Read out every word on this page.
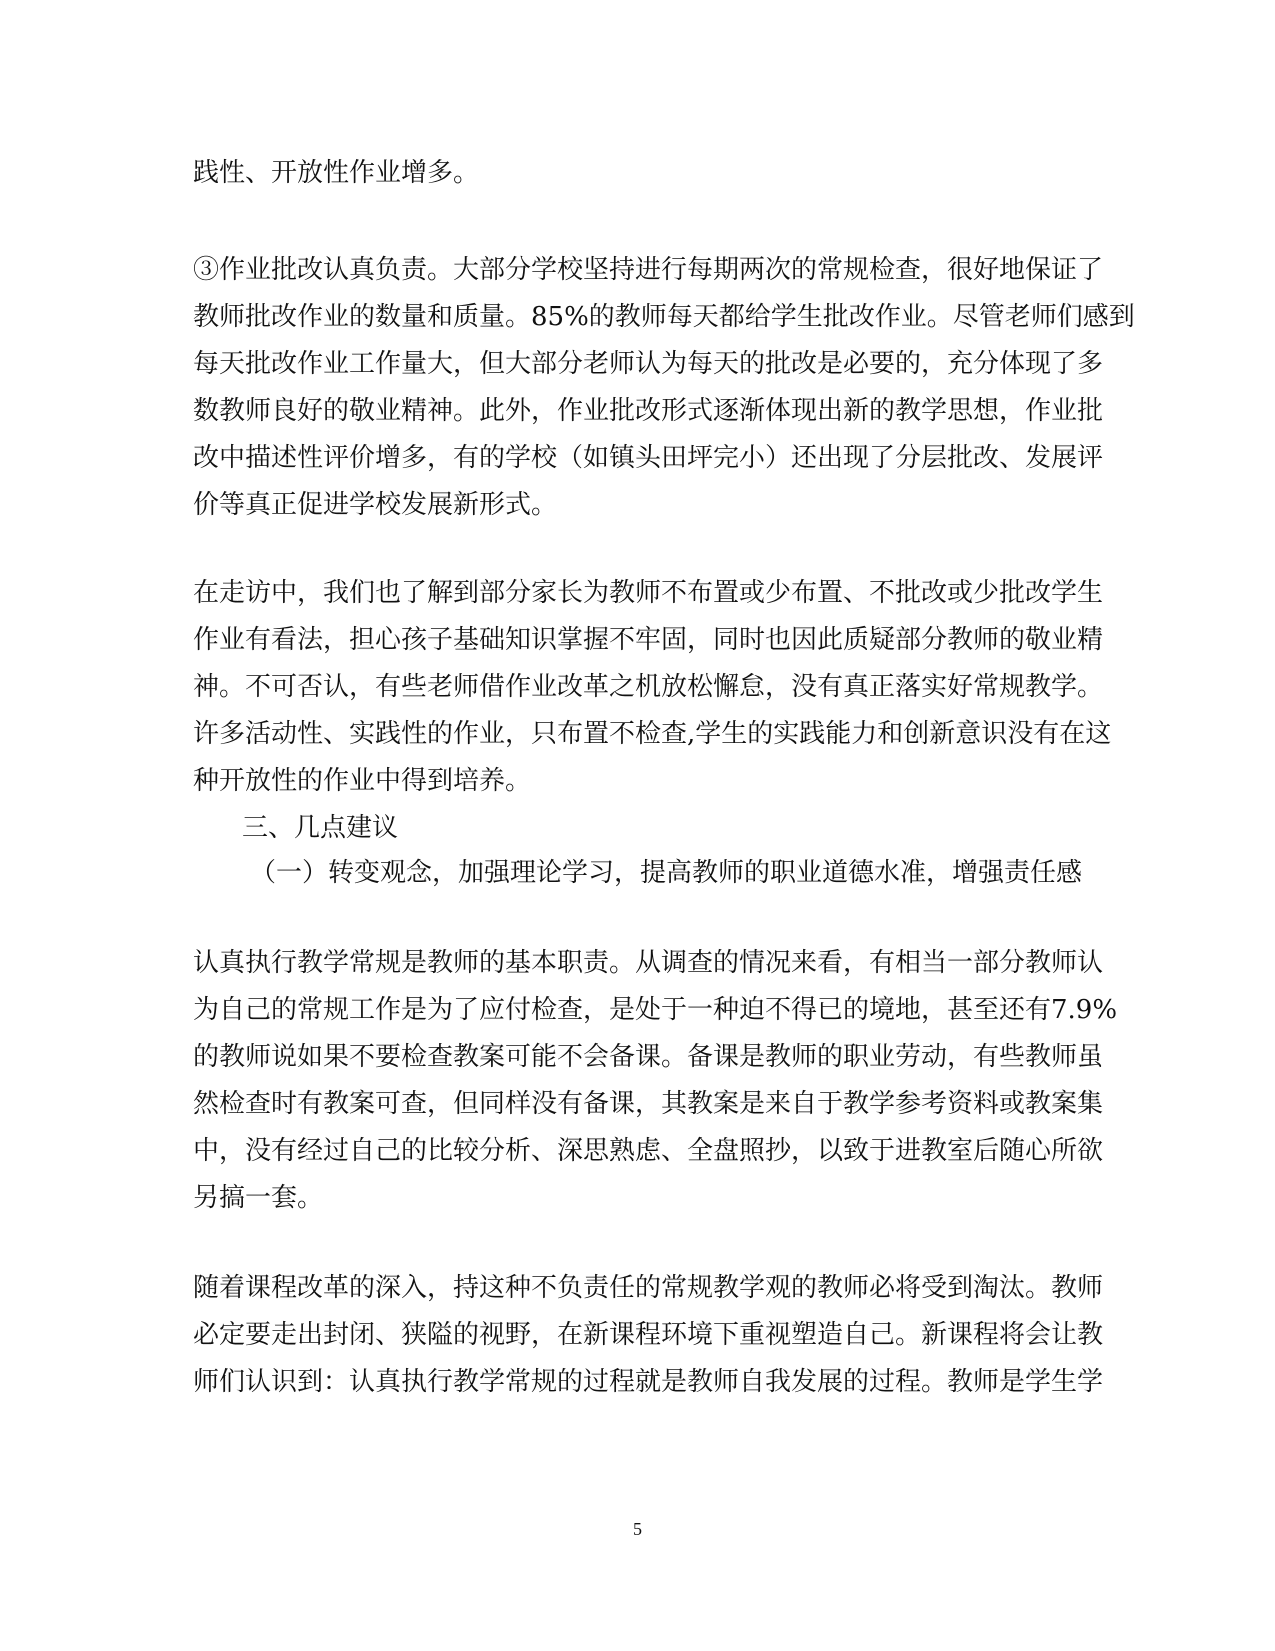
践性、开放性作业增多。
③作业批改认真负责。大部分学校坚持进行每期两次的常规检查，很好地保证了
教师批改作业的数量和质量。85%的教师每天都给学生批改作业。尽管老师们感到
每天批改作业工作量大，但大部分老师认为每天的批改是必要的，充分体现了多
数教师良好的敬业精神。此外，作业批改形式逐渐体现出新的教学思想，作业批
改中描述性评价增多，有的学校（如镇头田坪完小）还出现了分层批改、发展评
价等真正促进学校发展新形式。
在走访中，我们也了解到部分家长为教师不布置或少布置、不批改或少批改学生
作业有看法，担心孩子基础知识掌握不牢固，同时也因此质疑部分教师的敬业精
神。不可否认，有些老师借作业改革之机放松懈怠，没有真正落实好常规教学。
许多活动性、实践性的作业，只布置不检查,学生的实践能力和创新意识没有在这
种开放性的作业中得到培养。
三、几点建议
（一）转变观念，加强理论学习，提高教师的职业道德水准，增强责任感
认真执行教学常规是教师的基本职责。从调查的情况来看，有相当一部分教师认
为自己的常规工作是为了应付检查，是处于一种迫不得已的境地，甚至还有7.9%
的教师说如果不要检查教案可能不会备课。备课是教师的职业劳动，有些教师虽
然检查时有教案可查，但同样没有备课，其教案是来自于教学参考资料或教案集
中，没有经过自己的比较分析、深思熟虑、全盘照抄，以致于进教室后随心所欲
另搞一套。
随着课程改革的深入，持这种不负责任的常规教学观的教师必将受到淘汰。教师
必定要走出封闭、狭隘的视野，在新课程环境下重视塑造自己。新课程将会让教
师们认识到：认真执行教学常规的过程就是教师自我发展的过程。教师是学生学
5
